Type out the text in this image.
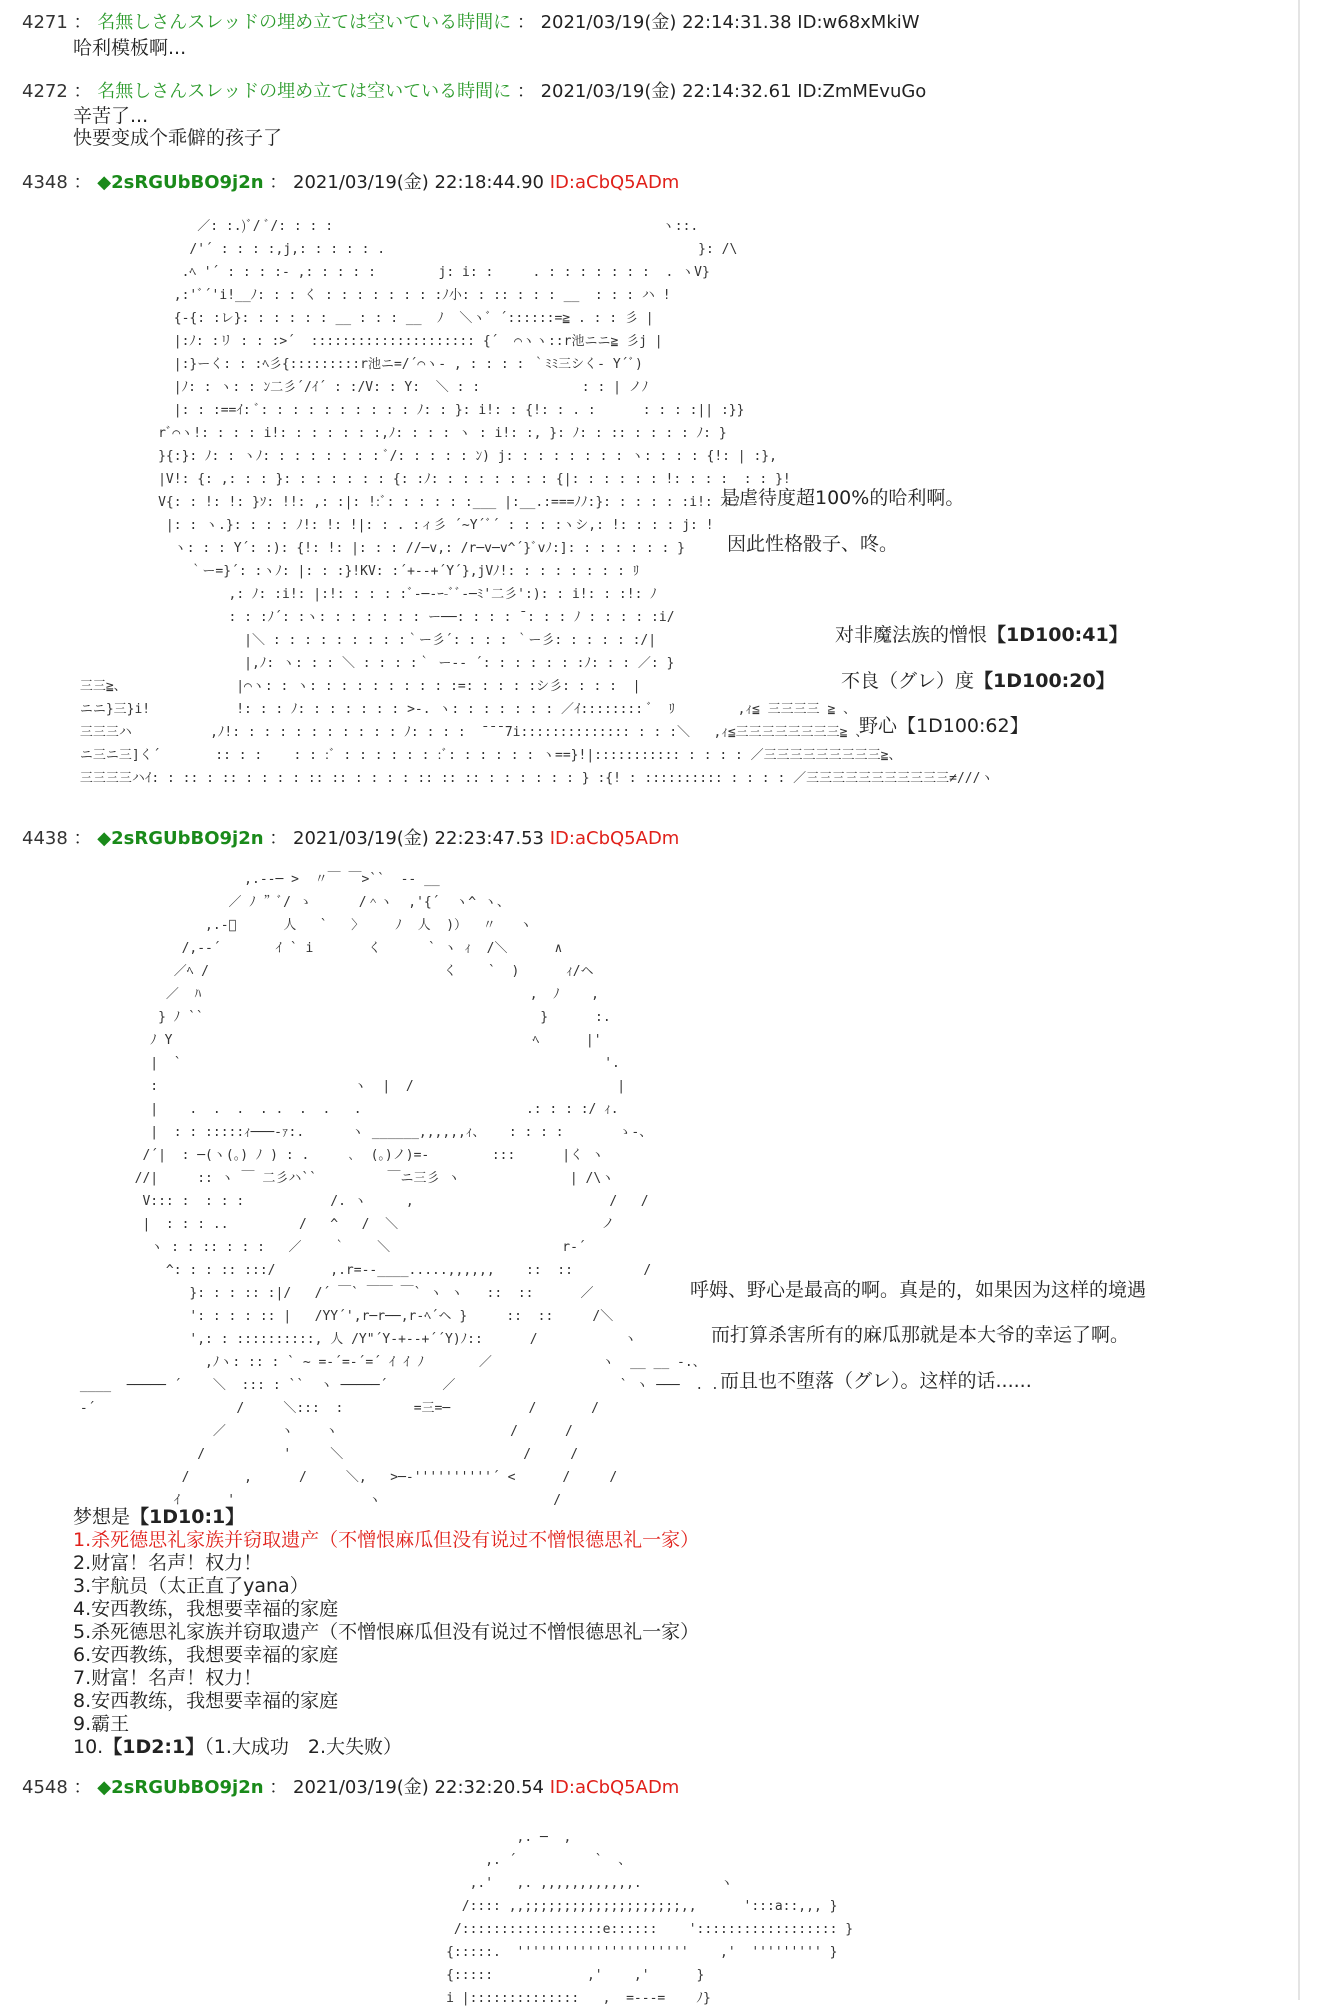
4271 ： 名無しさんスレッドの埋め立ては空いている時間に ： 2021/03/19(金) 22:14:31.38 ID:w68xMkiW
哈利模板啊...
4272 ： 名無しさんスレッドの埋め立ては空いている時間に ： 2021/03/19(金) 22:14:32.61 ID:ZmMEvuGo
辛苦了...
快要变成个乖僻的孩子了
4348 ： ◆2sRGUbBO9j2n ： 2021/03/19(金) 22:18:44.90 ID:aCbQ5ADm
／: :.)ﾞ/ ﾞ/: : : :                                          ヽ::.
/'´ : : : :,j,: : : : : .                                        }: /\
.ﾍ '´ : : : :- ,: : : : :        j: i: :     . : : : : : : :  . ヽV}
,:'ﾞ´'i!__ﾉ: : : く : : : : : : : :ﾉ小: : :: : : : __  : : : ハ !
{-{: :レ}: : : : : : __ : : : __  ﾉ  ＼ヽﾞ ´::::::=≧ . : : 彡 |
|:ﾉ: :リ : : :>´  ::::::::::::::::::::: {´  ⌒ヽヽ::r池ニニ≧ 彡j |
|:}ーく: : :ﾍ彡{:::::::::r池ニ=/´⌒ヽ- , : : : : ｀ﾐﾐ三シく- Y´ﾞ)
|ﾉ: : ヽ: : ﾝ二彡´/ｲ´ : :/V: : Y:  ＼ : :             : : | ノﾉ
|: : :==ｲ: ﾞ: : : : : : : : : : ﾉ: : }: i!: : {!: : . :      : : : :|| :}}
rﾞ⌒ヽ!: : : : i!: : : : : : :,ﾉ: : : : ヽ : i!: :, }: ﾉ: : :: : : : : ﾉ: }
}{:}: ﾉ: : ヽﾉ: : : : : : : : ﾞ/: : : : : ﾝ) j: : : : : : : : ヽ: : : : {!: | :},
|V!: {: ,: : : }: : : : : : : {: :ﾉ: : : : : : : : {|: : : : : : !: : : :  : : }!
V{: : !: !: }ｿ: !!: ,: :|: !:ﾞ: : : : : :___ |:__.:===ﾉﾉ:}: : : : : :i!: トﾉ
|: : ヽ.}: : : : ﾉ!: !: !|: : . :ィ彡 ´~Y´ﾞ´ : : : :ヽシ,: !: : : : j: !
ヽ: : : Y´: :): {!: !: |: : : //─v,: /r─v─v^´}ﾞvﾉ:]: : : : : : : }
｀ー=}´: :ヽﾉ: |: : :}!KV: :´+--+´Y´},jVﾉ!: : : : : : : : ﾘ
,: ﾉ: :i!: |:!: : : : :ﾞ-─-ｰ-ﾞﾞ-─ﾐ'二彡':): : i!: : :!: ﾉ
: : :ﾉ´: :ヽ: : : : : : : ー──: : : : ̄ : : : ﾉ : : : : :i/
|＼ : : : : : : : : :｀ー彡´: : : : ｀ー彡: : : : : :/|
|,ﾉ: ヽ: : : ＼ : : : :｀ ー-‐ ´: : : : : : :ﾉ: : : ／: }
三三≧、              |⌒ヽ: : ヽ: : : : : : : : : :=: : : : :シ彡: : : :  |
ニニ}三}i!           !: : : ﾉ: : : : : : : >-. ヽ: : : : : : : ／ｲ:::::::: ﾞ  ﾘ        ,ｨ≦ 三三三三 ≧ 、
三三三ハ          ,ﾉ!: : : : : : : : : : : ﾉ: : : :  ̄ ̄ ̄ ̄7i:::::::::::::: : : :＼   ,ｨ≦三三三三三三三三≧ 、
ニ三ニ三]く´       :: : :    : : :ﾞ : : : : : : :ﾞ: : : : : : ヽ==}!|::::::::::: : : : : ／三三三三三三三三三≧、
三三三三ハｲ: : :: : :: : : : : :: :: : : : : :: :: :: : : : : : : } :{! : :::::::::: : : : : ／三三三三三三三三三三三≠///ヽ

是虐待度超100%的哈利啊。
因此性格骰子、咚。
对非魔法族的憎恨【1D100:41】
不良（グレ）度【1D100:20】
野心【1D100:62】
4438 ： ◆2sRGUbBO9j2n ： 2021/03/19(金) 22:23:47.53 ID:aCbQ5ADm
,.-‐─ >  〃￣ ￣>``  ‐- __
／ ﾉ ”ﾞ/ ゝ      /＾ヽ  ,'{´  ヽ^ ヽ、
,.-ﾞ      人   `   〉    ﾉ  人  )）  〃   ヽ
/,--´       ｲ ` i       く      ` ヽ ｨ  /＼      ∧
／ﾍ /                              く    `  )      ｨ/ヘ
／  ﾊ                                          ,  ﾉ    ,
} ﾉ ``                                           }      :.
ﾉ Y                                              ﾍ      |'
|  `                                                      '.
:                         ヽ  |  /                          |
|    .  .  .  . .  .  .   .                     .: : : :/ ｨ.
|  : : :::::ｨ───-ｧ:.      ヽ ______,,,,,,ｨ、   : : : :       ゝ-、
/´|  : ─(ヽ(。) ﾉ ) : .     ､  (。)ノ)=‐        :::      |く ヽ
//|     :: ヽ ￣ 二彡ハ``         ￣ニ三彡 ヽ              | /\ヽ
V::: :  : : :           /. ヽ     ,                         /   /
|  : : : ..         /   ^   /  ＼                          ノ
ヽ : : :: : : :   ／    ｀    ＼                      r‐´
^: : : :: :::/       ,.r=-‐____.....,,,,,,    ::  ::         /
}: : : :: :|/   /´ ￣` ￣￣ ￣` ヽ ヽ   ::  ::      ／
': : : : :: |   /YY´',r─r──,r‐ﾍ´ヘ }     ::  ::     /＼
',: : ::::::::::, 人 /Y"´Y-+--+´´Y)ﾉ::      /           ヽ
,ﾉヽ: :: : ` ~ =-´=-´=´ ｲ ｲ ﾉ       ／              ヽ  __ __ -.、
____  ───── ´    ＼  ::: : ``  ヽ ─────´       ／                     ` ヽ ───  . . . .
‐´                  /     ＼:::  :         =三=─          /       /
／       ヽ    ヽ                      /      /
/          '     ＼                       /     /
/       ,      /     ＼,   >─-''''''''''´ <      /     /
ｲ      '                 ヽ                      /

呼姆、野心是最高的啊。真是的，如果因为这样的境遇
而打算杀害所有的麻瓜那就是本大爷的幸运了啊。
而且也不堕落（グレ）。这样的话......
梦想是【1D10:1】
1.杀死德思礼家族并窃取遗产（不憎恨麻瓜但没有说过不憎恨德思礼一家）
2.财富！名声！权力！
3.宇航员（太正直了yana）
4.安西教练，我想要幸福的家庭
5.杀死德思礼家族并窃取遗产（不憎恨麻瓜但没有说过不憎恨德思礼一家）
6.安西教练，我想要幸福的家庭
7.财富！名声！权力！
8.安西教练，我想要幸福的家庭
9.霸王
10.【1D2:1】（1.大成功　2.大失败）
4548 ： ◆2sRGUbBO9j2n ： 2021/03/19(金) 22:32:20.54 ID:aCbQ5ADm
,. ─  ,
,. ´          `  、
,.'   ,. ,,,,,,,,,,,,.          ヽ
/:::: ,,;;;;;;;;;;;;;;;;;;;;,,      ':::a::,,, }
/::::::::::::::::::e::::::    ':::::::::::::::::: }
{:::::.  ''''''''''''''''''''''    ,'  ''''''''' }
{:::::            ,'    ,'      }
i |::::::::::::::   ,  =---=    ﾉ}
